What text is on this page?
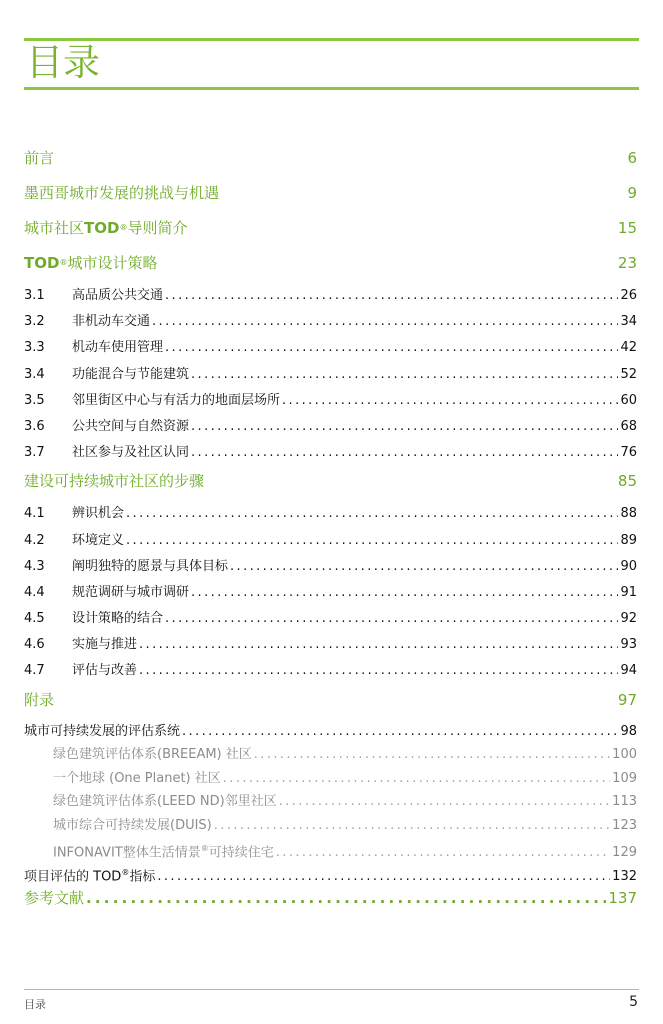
目录
前言	6
墨西哥城市发展的挑战与机遇	9
城市社区TOD®导则简介	15
TOD®城市设计策略	23
3.1	高品质公共交通 .....	26
3.2	非机动车交通 .....	34
3.3	机动车使用管理 .....	42
3.4	功能混合与节能建筑 .....	52
3.5	邻里街区中心与有活力的地面层场所 .....	60
3.6	公共空间与自然资源 .....	68
3.7	社区参与及社区认同 .....	76
建设可持续城市社区的步骤	85
4.1	辨识机会 .....	88
4.2	环境定义 .....	89
4.3	阐明独特的愿景与具体目标 .....	90
4.4	规范调研与城市调研 .....	91
4.5	设计策略的结合 .....	92
4.6	实施与推进 .....	93
4.7	评估与改善 .....	94
附录	97
城市可持续发展的评估系统 .....	98
绿色建筑评估体系(BREEAM) 社区 .....	100
一个地球 (One Planet) 社区 .....	109
绿色建筑评估体系(LEED ND)邻里社区 .....	113
城市综合可持续发展(DUIS) .....	123
INFONAVIT整体生活情景®可持续住宅 .....	129
项目评估的 TOD®指标 .....	132
参考文献 .....	137
目录	5
